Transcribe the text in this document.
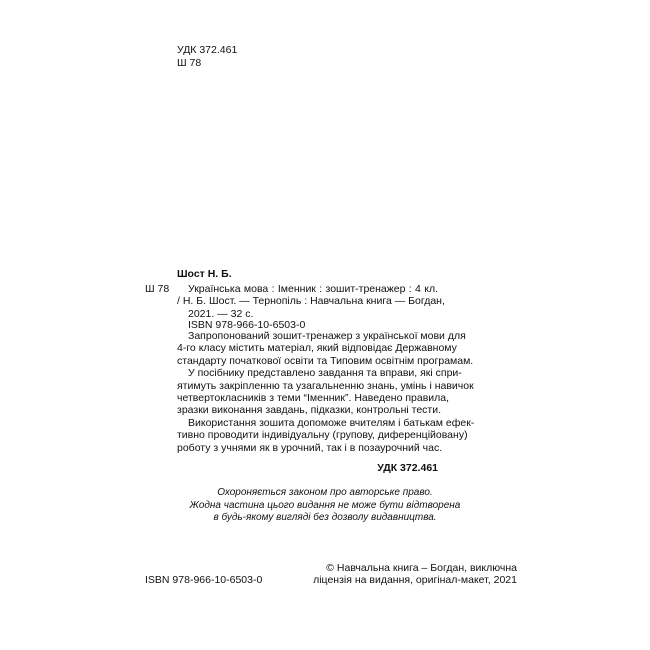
УДК 372.461
Ш 78
Шост Н. Б.
Ш 78 Українська мова : Іменник : зошит-тренажер : 4 кл.
/ Н. Б. Шост. — Тернопіль : Навчальна книга — Богдан,
2021. — 32 с.
ISBN 978-966-10-6503-0
Запропонований зошит-тренажер з української мови для
4-го класу містить матеріал, який відповідає Державному
стандарту початкової освіти та Типовим освітнім програмам.
У посібнику представлено завдання та вправи, які спри-
ятимуть закріпленню та узагальненню знань, умінь і навичок
четвертокласників з теми “Іменник”. Наведено правила,
зразки виконання завдань, підказки, контрольні тести.
Використання зошита допоможе вчителям і батькам ефек-
тивно проводити індивідуальну (групову, диференційовану)
роботу з учнями як в урочний, так і в позаурочний час.
УДК 372.461
Охороняється законом про авторське право.
Жодна частина цього видання не може бути відтворена
в будь-якому вигляді без дозволу видавництва.
ISBN 978-966-10-6503-0
© Навчальна книга – Богдан, виключна
ліцензія на видання, оригінал-макет, 2021
